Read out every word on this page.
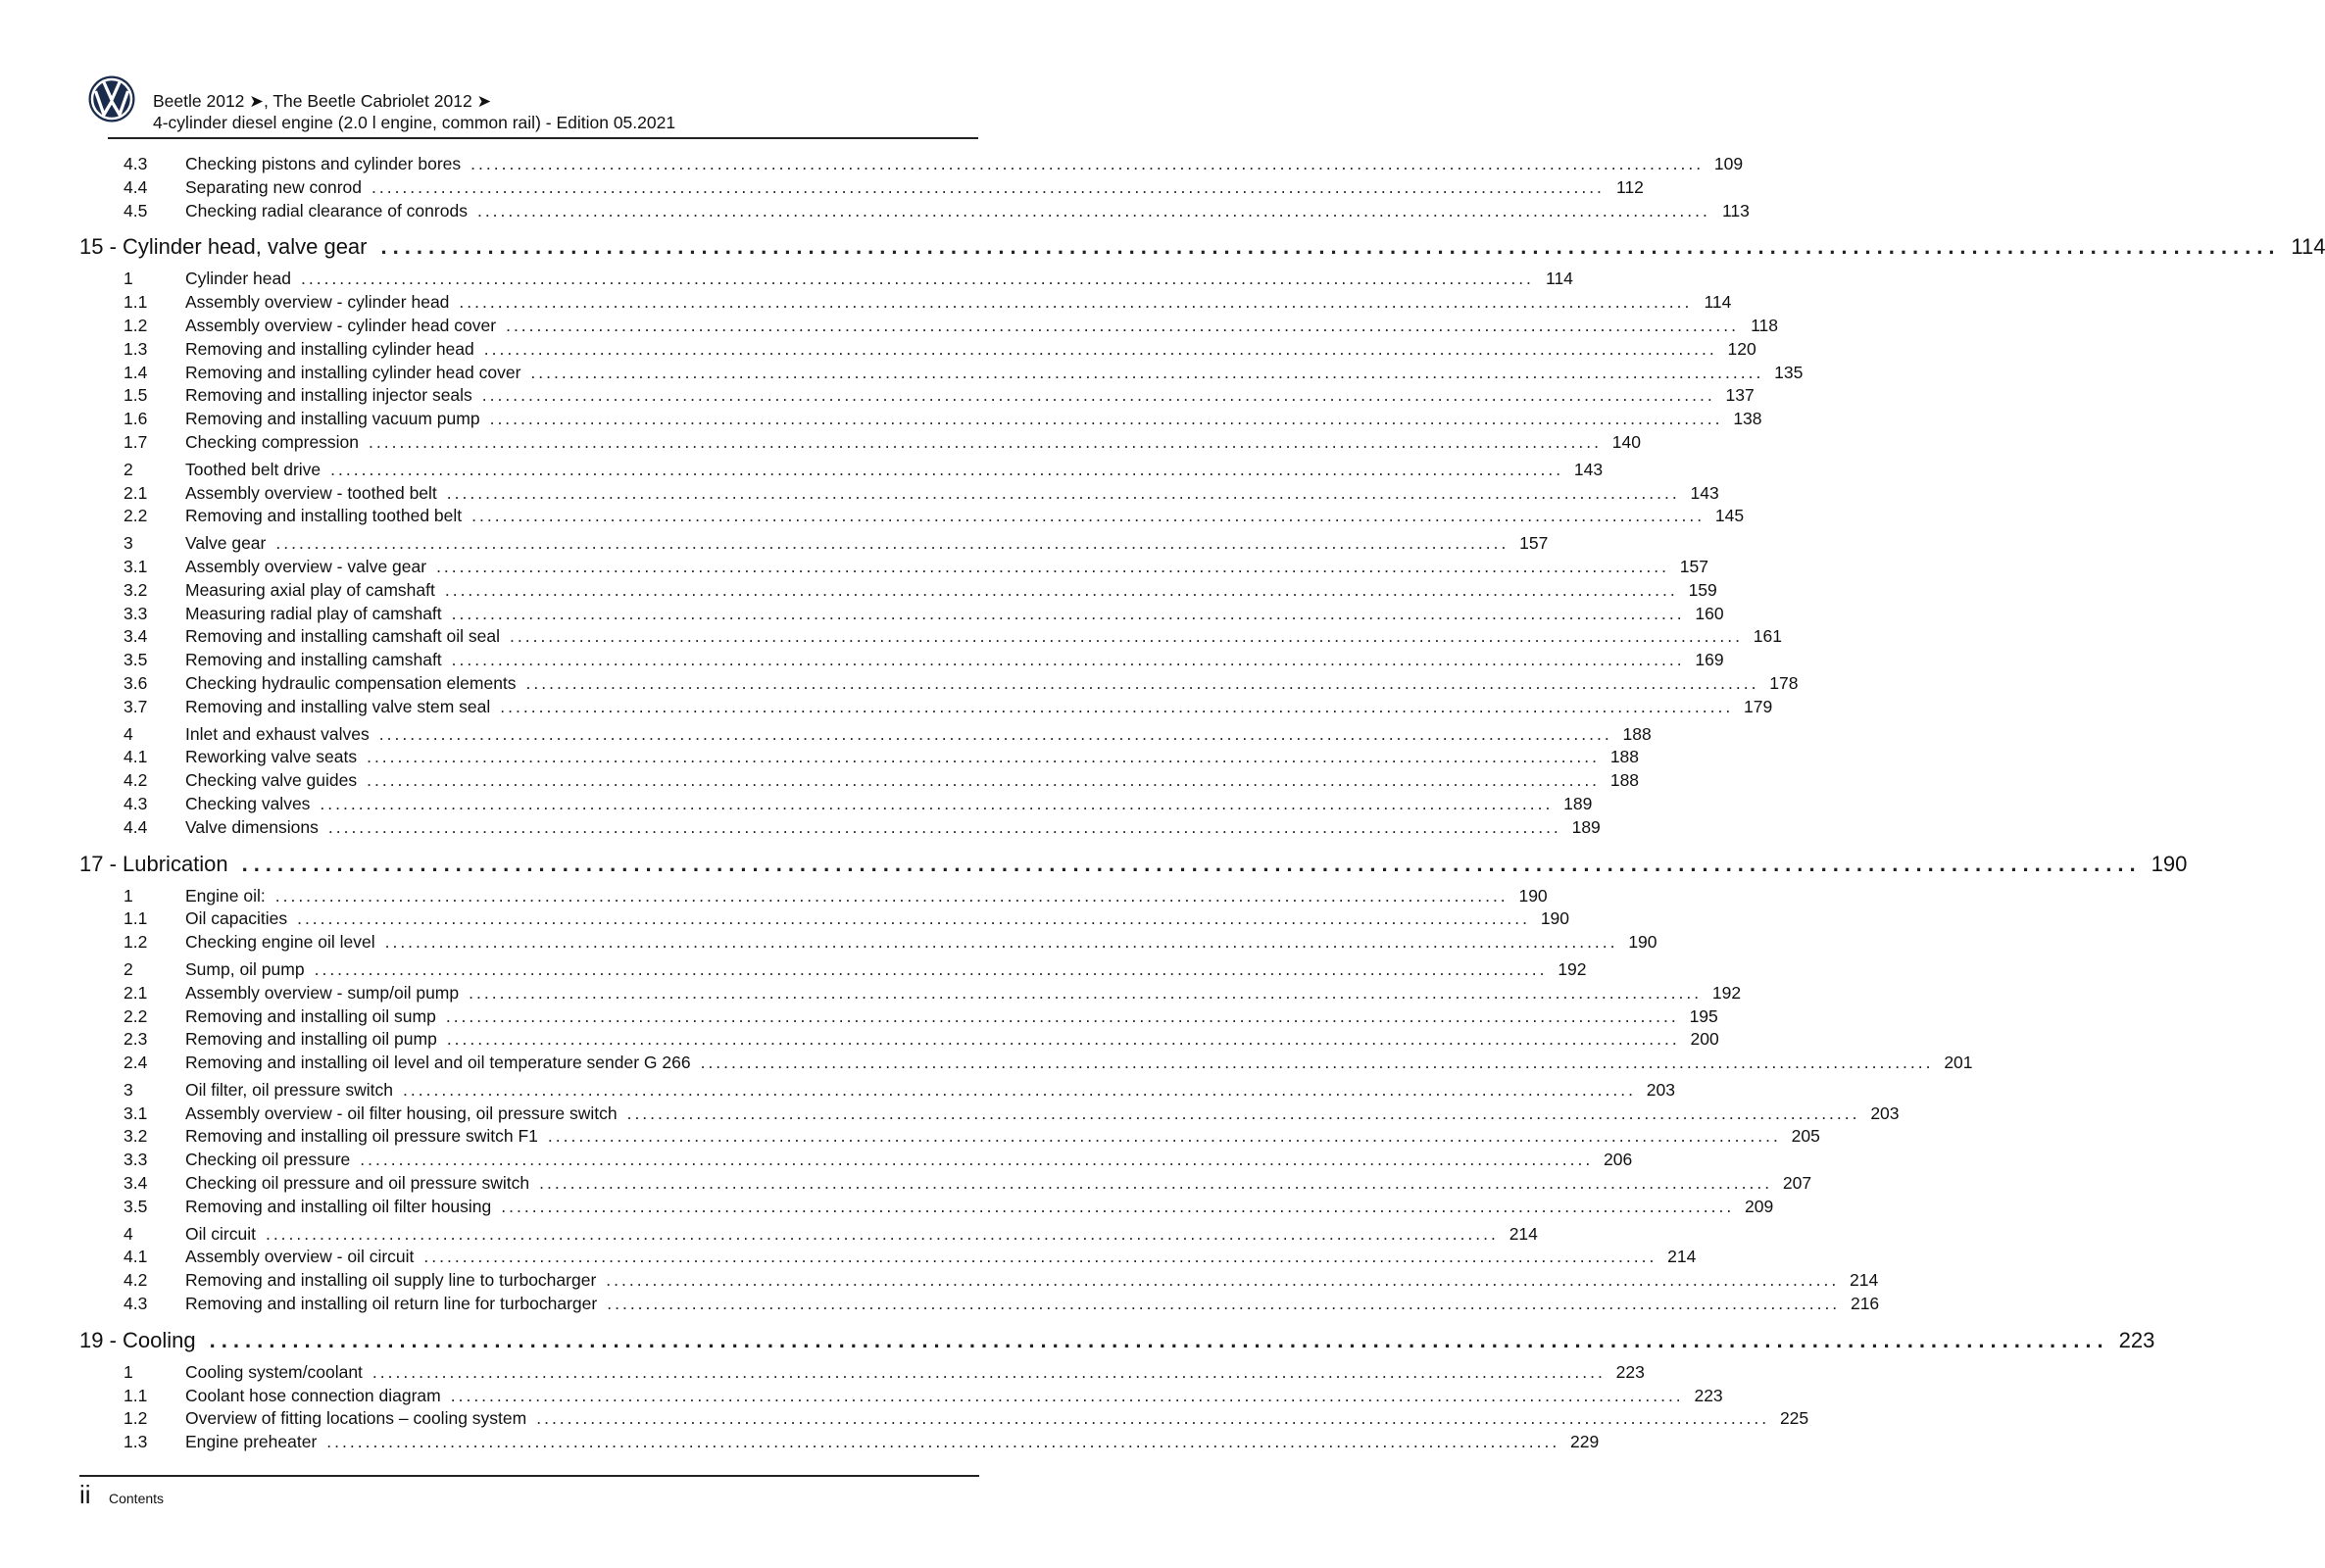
Beetle 2012 ➤, The Beetle Cabriolet 2012 ➤
4-cylinder diesel engine (2.0 l engine, common rail) - Edition 05.2021
4.3	Checking pistons and cylinder bores ................................................................................................................................................................ 109
4.4	Separating new conrod ................................................................................................................................................................ 112
4.5	Checking radial clearance of conrods ................................................................................................................................................................ 113
15 - Cylinder head, valve gear ................................................................................................................................................................ 114
1	Cylinder head ................................................................................................................................................................ 114
1.1	Assembly overview - cylinder head ................................................................................................................................................................ 114
1.2	Assembly overview - cylinder head cover ................................................................................................................................................................ 118
1.3	Removing and installing cylinder head ................................................................................................................................................................ 120
1.4	Removing and installing cylinder head cover ................................................................................................................................................................ 135
1.5	Removing and installing injector seals ................................................................................................................................................................ 137
1.6	Removing and installing vacuum pump ................................................................................................................................................................ 138
1.7	Checking compression ................................................................................................................................................................ 140
2	Toothed belt drive ................................................................................................................................................................ 143
2.1	Assembly overview - toothed belt ................................................................................................................................................................ 143
2.2	Removing and installing toothed belt ................................................................................................................................................................ 145
3	Valve gear ................................................................................................................................................................ 157
3.1	Assembly overview - valve gear ................................................................................................................................................................ 157
3.2	Measuring axial play of camshaft ................................................................................................................................................................ 159
3.3	Measuring radial play of camshaft ................................................................................................................................................................ 160
3.4	Removing and installing camshaft oil seal ................................................................................................................................................................ 161
3.5	Removing and installing camshaft ................................................................................................................................................................ 169
3.6	Checking hydraulic compensation elements ................................................................................................................................................................ 178
3.7	Removing and installing valve stem seal ................................................................................................................................................................ 179
4	Inlet and exhaust valves ................................................................................................................................................................ 188
4.1	Reworking valve seats ................................................................................................................................................................ 188
4.2	Checking valve guides ................................................................................................................................................................ 188
4.3	Checking valves ................................................................................................................................................................ 189
4.4	Valve dimensions ................................................................................................................................................................ 189
17 - Lubrication ................................................................................................................................................................ 190
1	Engine oil: ................................................................................................................................................................ 190
1.1	Oil capacities ................................................................................................................................................................ 190
1.2	Checking engine oil level ................................................................................................................................................................ 190
2	Sump, oil pump ................................................................................................................................................................ 192
2.1	Assembly overview - sump/oil pump ................................................................................................................................................................ 192
2.2	Removing and installing oil sump ................................................................................................................................................................ 195
2.3	Removing and installing oil pump ................................................................................................................................................................ 200
2.4	Removing and installing oil level and oil temperature sender G 266 ................................................................................................................................................................ 201
3	Oil filter, oil pressure switch ................................................................................................................................................................ 203
3.1	Assembly overview - oil filter housing, oil pressure switch ................................................................................................................................................................ 203
3.2	Removing and installing oil pressure switch F1 ................................................................................................................................................................ 205
3.3	Checking oil pressure ................................................................................................................................................................ 206
3.4	Checking oil pressure and oil pressure switch ................................................................................................................................................................ 207
3.5	Removing and installing oil filter housing ................................................................................................................................................................ 209
4	Oil circuit ................................................................................................................................................................ 214
4.1	Assembly overview - oil circuit ................................................................................................................................................................ 214
4.2	Removing and installing oil supply line to turbocharger ................................................................................................................................................................ 214
4.3	Removing and installing oil return line for turbocharger ................................................................................................................................................................ 216
19 - Cooling ................................................................................................................................................................ 223
1	Cooling system/coolant ................................................................................................................................................................ 223
1.1	Coolant hose connection diagram ................................................................................................................................................................ 223
1.2	Overview of fitting locations – cooling system ................................................................................................................................................................ 225
1.3	Engine preheater ................................................................................................................................................................ 229
ii Contents
